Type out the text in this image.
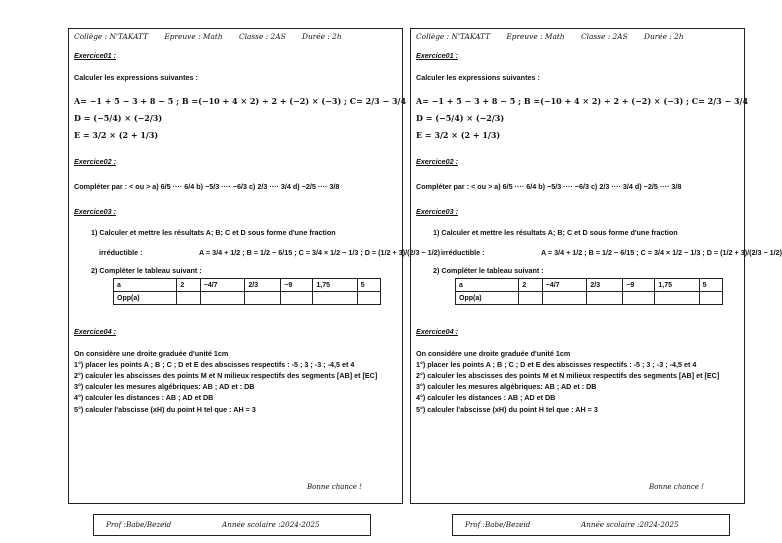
Collège : N'TAKATT Epreuve : Math Classe : 2AS Durée : 2h
Exercice01 :
Calculer les expressions suivantes :
A= −1 + 5 − 3 + 8 − 5 ; B =(−10 + 4 × 2) ÷ 2 + (−2) × (−3) ; C= 2/3 − 3/4
D = (−5/4) × (−2/3)
E = 3/2 × (2 + 1/3)
Exercice02 :
Compléter par : < ou > a) 6/5 ···· 6/4 b) −5/3 ···· −6/3 c) 2/3 ···· 3/4 d) −2/5 ···· 3/8
Exercice03 :
1) Calculer et mettre les résultats A; B; C et D sous forme d'une fraction
irréductible :	A = 3/4 + 1/2 ; B = 1/2 − 6/15 ; C = 3/4 × 1/2 − 1/3 ; D = (1/2 + 3)/(2/3 − 1/2)
2) Compléter le tableau suivant :
a	2	−4/7	2/3	−9	1,75	5
Opp(a)						
Exercice04 :
On considère une droite graduée d'unité 1cm
1°) placer les points A ; B ; C ; D et E des abscisses respectifs : -5 ; 3 ; -3 ; -4,5 et 4
2°) calculer les abscisses des points M et N milieux respectifs des segments [AB] et [EC]
3°) calculer les mesures algébriques: AB ; AD et : DB
4°) calculer les distances : AB ; AD et DB
5°) calculer l'abscisse (xH) du point H tel que : AH = 3
Bonne chance !
Collège : N'TAKATT Epreuve : Math Classe : 2AS Durée : 2h
Exercice01 :
Calculer les expressions suivantes :
A= −1 + 5 − 3 + 8 − 5 ; B =(−10 + 4 × 2) ÷ 2 + (−2) × (−3) ; C= 2/3 − 3/4
D = (−5/4) × (−2/3)
E = 3/2 × (2 + 1/3)
Exercice02 :
Compléter par : < ou > a) 6/5 ···· 6/4 b) −5/3 ···· −6/3 c) 2/3 ···· 3/4 d) −2/5 ···· 3/8
Exercice03 :
1) Calculer et mettre les résultats A; B; C et D sous forme d'une fraction
irréductible :	A = 3/4 + 1/2 ; B = 1/2 − 6/15 ; C = 3/4 × 1/2 − 1/3 ; D = (1/2 + 3)/(2/3 − 1/2)
2) Compléter le tableau suivant :
a	2	−4/7	2/3	−9	1,75	5
Opp(a)						
Exercice04 :
On considère une droite graduée d'unité 1cm
1°) placer les points A ; B ; C ; D et E des abscisses respectifs : -5 ; 3 ; -3 ; -4,5 et 4
2°) calculer les abscisses des points M et N milieux respectifs des segments [AB] et [EC]
3°) calculer les mesures algébriques: AB ; AD et : DB
4°) calculer les distances : AB ; AD et DB
5°) calculer l'abscisse (xH) du point H tel que : AH = 3
Bonne chance !
Prof :Babe/Bezeid	Année scolaire :2024-2025	Prof :Babe/Bezeid	Année scolaire :2024-2025
